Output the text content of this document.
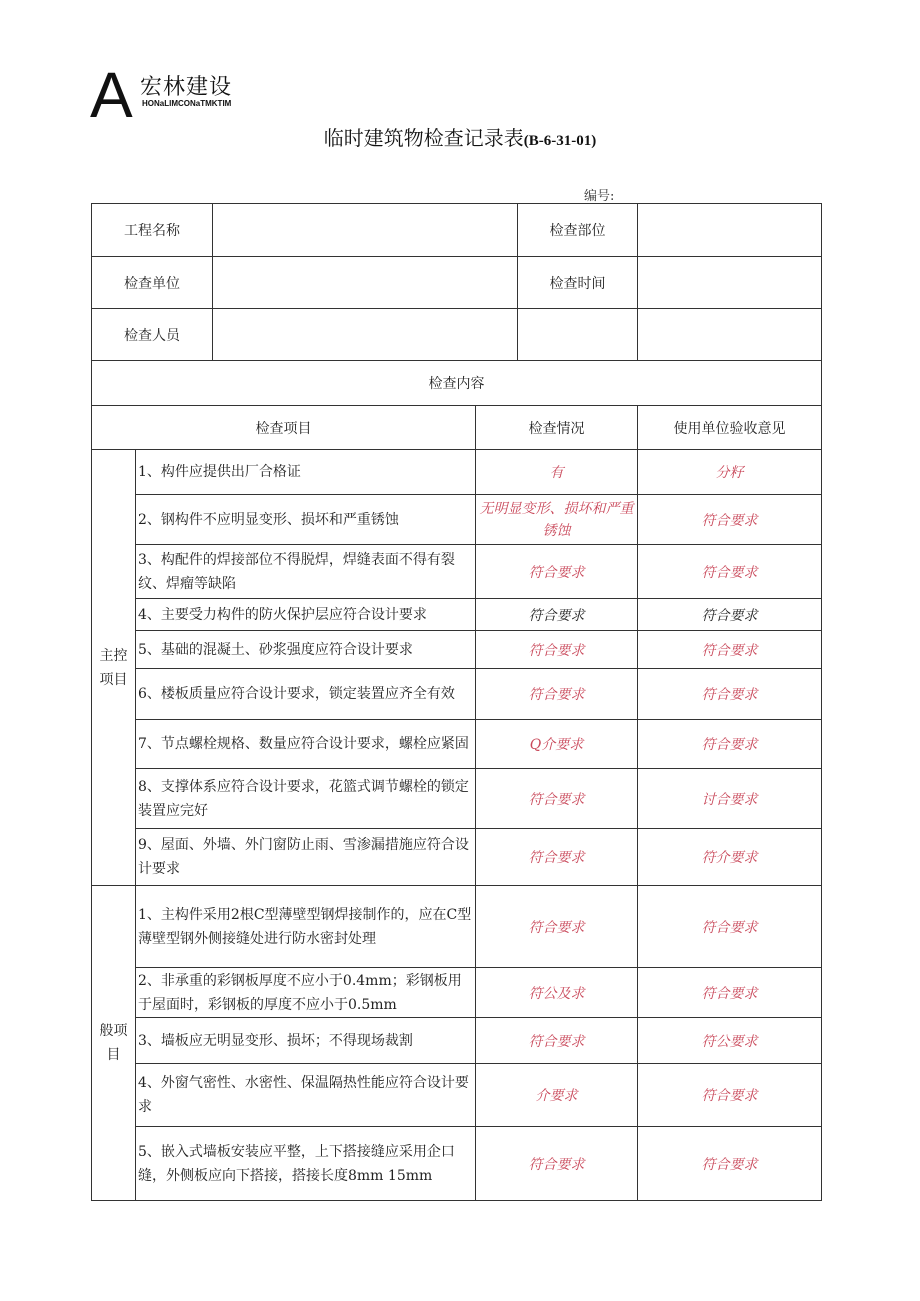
A 宏林建设
HONaLIMCONaTMKTIM
临时建筑物检查记录表(B-6-31-01)
编号:
工程名称				检查部位	
检查单位				检查时间	
检查人员					
检查内容					
检查项目			检查情况		使用单位验收意见
主控项目	1、构件应提供出厂合格证		有		分籽
	2、钢构件不应明显变形、损坏和严重锈蚀		无明显变形、损坏和严重锈蚀		符合要求
	3、构配件的焊接部位不得脱焊，焊缝表面不得有裂纹、焊瘤等缺陷		符合要求		符合要求
	4、主要受力构件的防火保护层应符合设计要求		符合要求		符合要求
	5、基础的混凝土、砂浆强度应符合设计要求		符合要求		符合要求
	6、楼板质量应符合设计要求，锁定装置应齐全有效		符合要求		符合要求
	7、节点螺栓规格、数量应符合设计要求，螺栓应紧固		Q介要求		符合要求
	8、支撑体系应符合设计要求，花篮式调节螺栓的锁定装置应完好		符合要求		讨合要求
	9、屋面、外墙、外门窗防止雨、雪渗漏措施应符合设计要求		符合要求		符介要求
般项目	1、主构件采用2根C型薄壁型钢焊接制作的，应在C型薄壁型钢外侧接缝处进行防水密封处理		符合要求		符合要求
	2、非承重的彩钢板厚度不应小于0.4mm；彩钢板用于屋面时，彩钢板的厚度不应小于0.5mm		符公及求		符合要求
	3、墙板应无明显变形、损坏；不得现场裁割		符合要求		符公要求
	4、外窗气密性、水密性、保温隔热性能应符合设计要求		介要求		符合要求
	5、嵌入式墙板安装应平整，上下搭接缝应采用企口缝，外侧板应向下搭接，搭接长度8mm 15mm		符合要求		符合要求
